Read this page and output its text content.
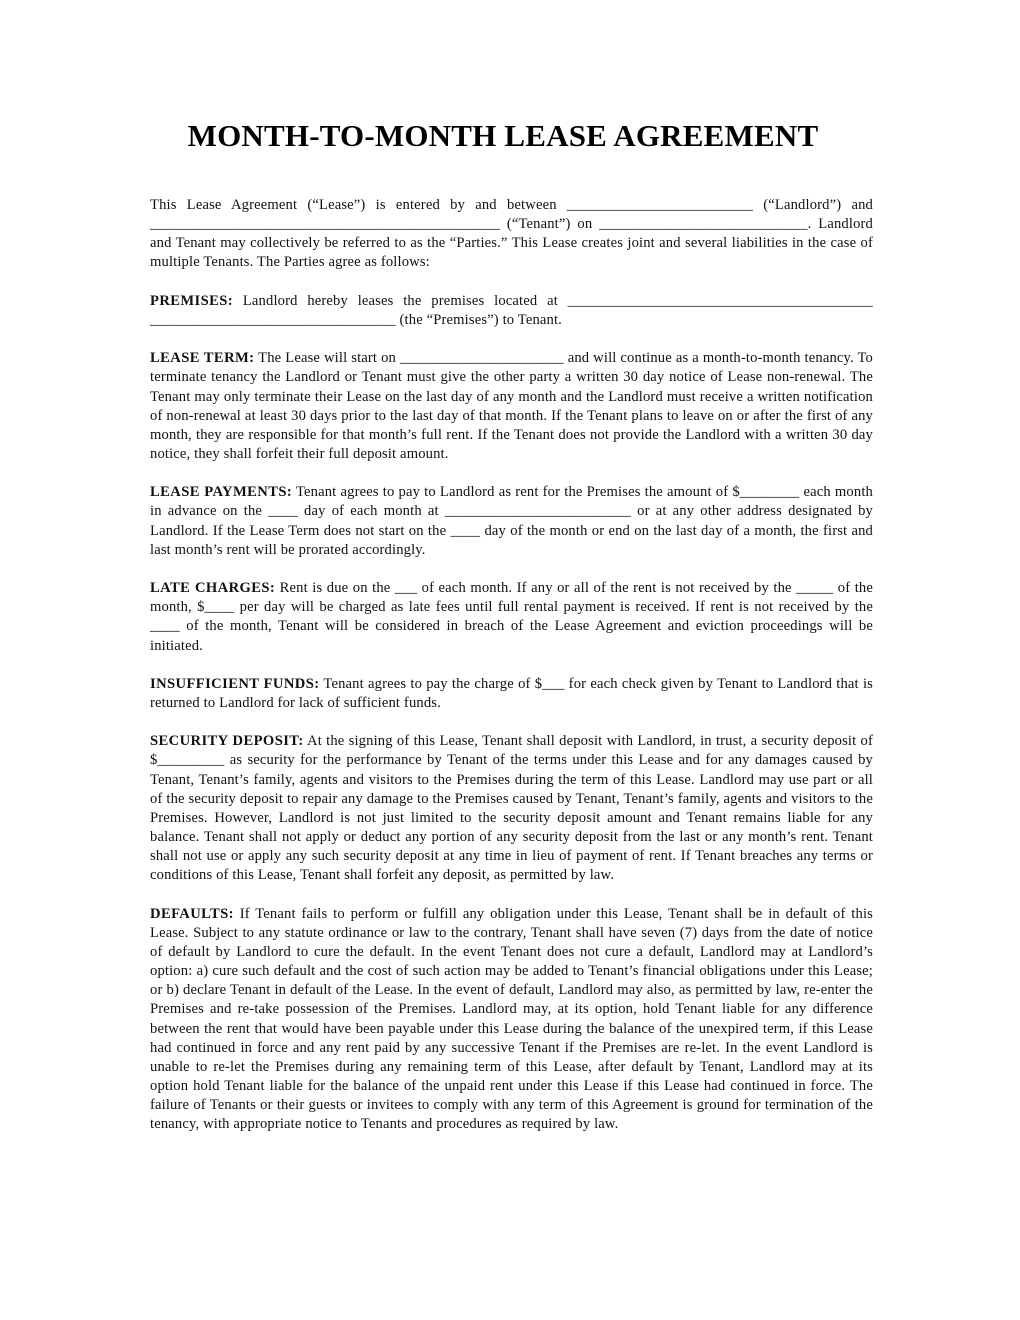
MONTH-TO-MONTH LEASE AGREEMENT

This Lease Agreement (“Lease”) is entered by and between _________________________ (“Landlord”) and _______________________________________________ (“Tenant”) on ____________________________. Landlord and Tenant may collectively be referred to as the “Parties.” This Lease creates joint and several liabilities in the case of multiple Tenants. The Parties agree as follows:

PREMISES: Landlord hereby leases the premises located at _________________________________________ _________________________________ (the “Premises”) to Tenant.

LEASE TERM: The Lease will start on ______________________ and will continue as a month-to-month tenancy. To terminate tenancy the Landlord or Tenant must give the other party a written 30 day notice of Lease non-renewal. The Tenant may only terminate their Lease on the last day of any month and the Landlord must receive a written notification of non-renewal at least 30 days prior to the last day of that month. If the Tenant plans to leave on or after the first of any month, they are responsible for that month’s full rent. If the Tenant does not provide the Landlord with a written 30 day notice, they shall forfeit their full deposit amount.

LEASE PAYMENTS: Tenant agrees to pay to Landlord as rent for the Premises the amount of $________ each month in advance on the ____ day of each month at _________________________ or at any other address designated by Landlord. If the Lease Term does not start on the ____ day of the month or end on the last day of a month, the first and last month’s rent will be prorated accordingly.

LATE CHARGES: Rent is due on the ___ of each month. If any or all of the rent is not received by the _____ of the month, $____ per day will be charged as late fees until full rental payment is received. If rent is not received by the ____ of the month, Tenant will be considered in breach of the Lease Agreement and eviction proceedings will be initiated.

INSUFFICIENT FUNDS: Tenant agrees to pay the charge of $___ for each check given by Tenant to Landlord that is returned to Landlord for lack of sufficient funds.

SECURITY DEPOSIT: At the signing of this Lease, Tenant shall deposit with Landlord, in trust, a security deposit of $_________ as security for the performance by Tenant of the terms under this Lease and for any damages caused by Tenant, Tenant’s family, agents and visitors to the Premises during the term of this Lease. Landlord may use part or all of the security deposit to repair any damage to the Premises caused by Tenant, Tenant’s family, agents and visitors to the Premises. However, Landlord is not just limited to the security deposit amount and Tenant remains liable for any balance. Tenant shall not apply or deduct any portion of any security deposit from the last or any month’s rent. Tenant shall not use or apply any such security deposit at any time in lieu of payment of rent. If Tenant breaches any terms or conditions of this Lease, Tenant shall forfeit any deposit, as permitted by law.

DEFAULTS: If Tenant fails to perform or fulfill any obligation under this Lease, Tenant shall be in default of this Lease. Subject to any statute ordinance or law to the contrary, Tenant shall have seven (7) days from the date of notice of default by Landlord to cure the default. In the event Tenant does not cure a default, Landlord may at Landlord’s option: a) cure such default and the cost of such action may be added to Tenant’s financial obligations under this Lease; or b) declare Tenant in default of the Lease. In the event of default, Landlord may also, as permitted by law, re-enter the Premises and re-take possession of the Premises. Landlord may, at its option, hold Tenant liable for any difference between the rent that would have been payable under this Lease during the balance of the unexpired term, if this Lease had continued in force and any rent paid by any successive Tenant if the Premises are re-let. In the event Landlord is unable to re-let the Premises during any remaining term of this Lease, after default by Tenant, Landlord may at its option hold Tenant liable for the balance of the unpaid rent under this Lease if this Lease had continued in force. The failure of Tenants or their guests or invitees to comply with any term of this Agreement is ground for termination of the tenancy, with appropriate notice to Tenants and procedures as required by law.
